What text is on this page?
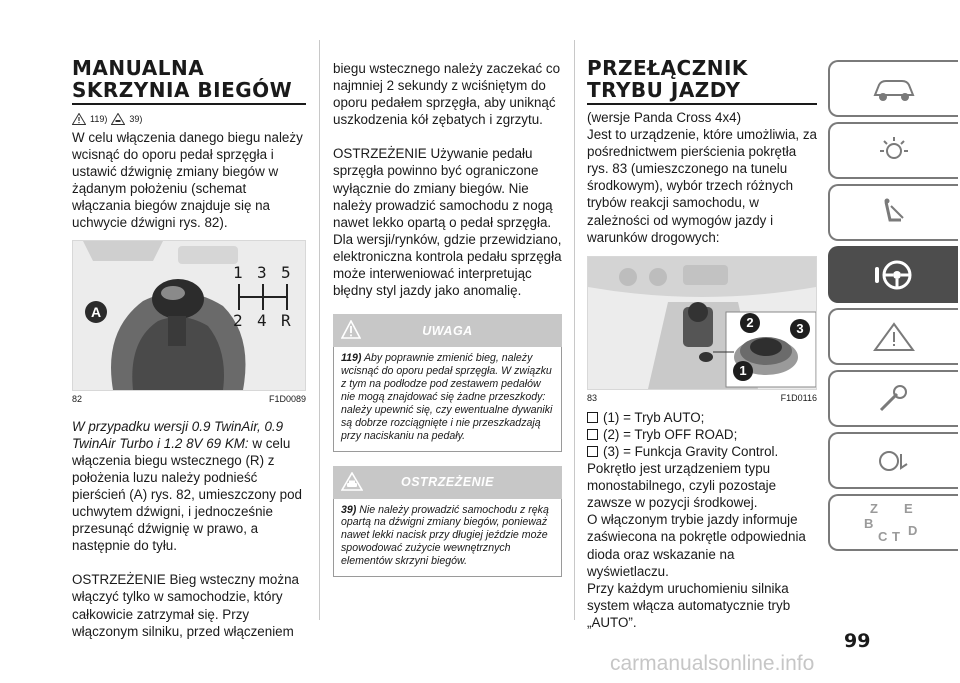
MANUALNA
SKRZYNIA BIEGÓW
119) 39)

W celu włączenia danego biegu należy wcisnąć do oporu pedał sprzęgła i ustawić dźwignię zmiany biegów w żądanym położeniu (schemat włączania biegów znajduje się na uchwycie dźwigni rys. 82).

1 3 5
2 4 R
A
82	F1D0089

W przypadku wersji 0.9 TwinAir, 0.9 TwinAir Turbo i 1.2 8V 69 KM: w celu włączenia biegu wstecznego (R) z położenia luzu należy podnieść pierścień (A) rys. 82, umieszczony pod uchwytem dźwigni, i jednocześnie przesunąć dźwignię w prawo, a następnie do tyłu.

OSTRZEŻENIE Bieg wsteczny można włączyć tylko w samochodzie, który całkowicie zatrzymał się. Przy włączonym silniku, przed włączeniem

biegu wstecznego należy zaczekać co najmniej 2 sekundy z wciśniętym do oporu pedałem sprzęgła, aby uniknąć uszkodzenia kół zębatych i zgrzytu.

OSTRZEŻENIE Używanie pedału sprzęgła powinno być ograniczone wyłącznie do zmiany biegów. Nie należy prowadzić samochodu z nogą nawet lekko opartą o pedał sprzęgła. Dla wersji/rynków, gdzie przewidziano, elektroniczna kontrola pedału sprzęgła może interweniować interpretując błędny styl jazdy jako anomalię.

UWAGA

119) Aby poprawnie zmienić bieg, należy wcisnąć do oporu pedał sprzęgła. W związku z tym na podłodze pod zestawem pedałów nie mogą znajdować się żadne przeszkody: należy upewnić się, czy ewentualne dywaniki są dobrze rozciągnięte i nie przeszkadzają przy naciskaniu na pedały.

OSTRZEŻENIE

39) Nie należy prowadzić samochodu z ręką opartą na dźwigni zmiany biegów, ponieważ nawet lekki nacisk przy długiej jeździe może spowodować zużycie wewnętrznych elementów skrzyni biegów.

PRZEŁĄCZNIK
TRYBU JAZDY

(wersje Panda Cross 4x4)

Jest to urządzenie, które umożliwia, za pośrednictwem pierścienia pokrętła rys. 83 (umieszczonego na tunelu środkowym), wybór trzech różnych trybów reakcji samochodu, w zależności od wymogów jazdy i warunków drogowych:

2	3
1
83	F1D0116
(1) = Tryb AUTO;
(2) = Tryb OFF ROAD;
(3) = Funkcja Gravity Control.

Pokrętło jest urządzeniem typu monostabilnego, czyli pozostaje zawsze w pozycji środkowej.

O włączonym trybie jazdy informuje zaświecona na pokrętle odpowiednia dioda oraz wskazanie na wyświetlaczu.

Przy każdym uruchomieniu silnika system włącza automatycznie tryb „AUTO”.

Z E
B
C T D
99
carmanualsonline.info
